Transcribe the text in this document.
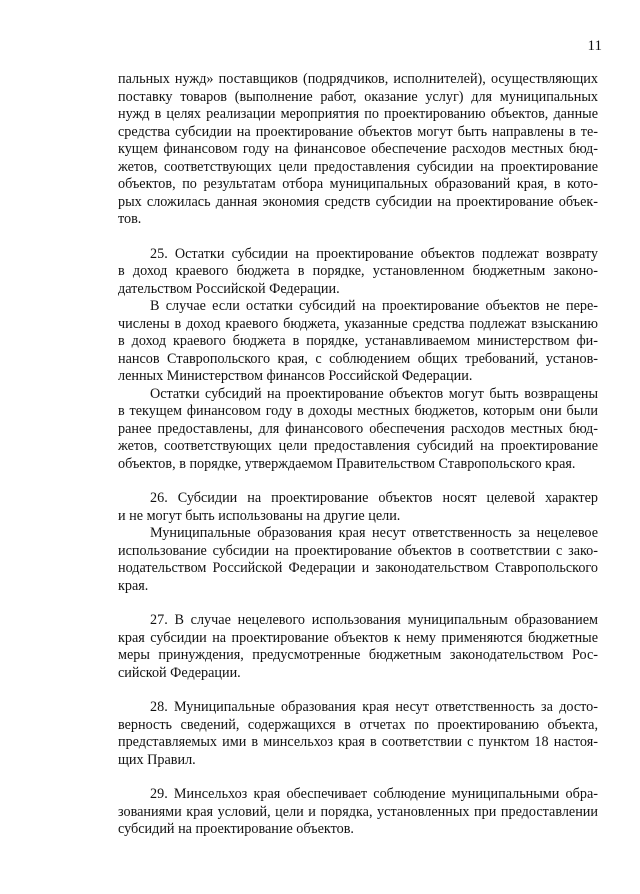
11
пальных нужд» поставщиков (подрядчиков, исполнителей), осуществляющих
поставку товаров (выполнение работ, оказание услуг) для муниципальных
нужд в целях реализации мероприятия по проектированию объектов, данные
средства субсидии на проектирование объектов могут быть направлены в те-
кущем финансовом году на финансовое обеспечение расходов местных бюд-
жетов, соответствующих цели предоставления субсидии на проектирование
объектов, по результатам отбора муниципальных образований края, в кото-
рых сложилась данная экономия средств субсидии на проектирование объек-
тов.
25. Остатки субсидии на проектирование объектов подлежат возврату
в доход краевого бюджета в порядке, установленном бюджетным законо-
дательством Российской Федерации.
В случае если остатки субсидий на проектирование объектов не пере-
числены в доход краевого бюджета, указанные средства подлежат взысканию
в доход краевого бюджета в порядке, устанавливаемом министерством фи-
нансов Ставропольского края, с соблюдением общих требований, установ-
ленных Министерством финансов Российской Федерации.
Остатки субсидий на проектирование объектов могут быть возвращены
в текущем финансовом году в доходы местных бюджетов, которым они были
ранее предоставлены, для финансового обеспечения расходов местных бюд-
жетов, соответствующих цели предоставления субсидий на проектирование
объектов, в порядке, утверждаемом Правительством Ставропольского края.
26. Субсидии на проектирование объектов носят целевой характер
и не могут быть использованы на другие цели.
Муниципальные образования края несут ответственность за нецелевое
использование субсидии на проектирование объектов в соответствии с зако-
нодательством Российской Федерации и законодательством Ставропольского
края.
27. В случае нецелевого использования муниципальным образованием
края субсидии на проектирование объектов к нему применяются бюджетные
меры принуждения, предусмотренные бюджетным законодательством Рос-
сийской Федерации.
28. Муниципальные образования края несут ответственность за досто-
верность сведений, содержащихся в отчетах по проектированию объекта,
представляемых ими в минсельхоз края в соответствии с пунктом 18 настоя-
щих Правил.
29. Минсельхоз края обеспечивает соблюдение муниципальными обра-
зованиями края условий, цели и порядка, установленных при предоставлении
субсидий на проектирование объектов.
